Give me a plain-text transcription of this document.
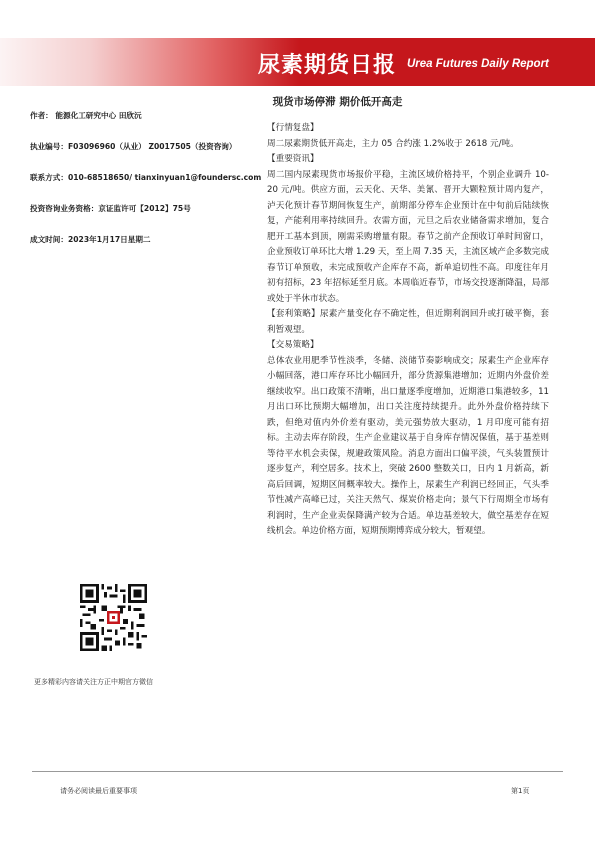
尿素期货日报 Urea Futures Daily Report
现货市场停滞 期价低开高走

作者： 能源化工研究中心 田欣沅

执业编号：F03096960（从业） Z0017505（投资咨询）

联系方式：010-68518650/ tianxinyuan1@foundersc.com

投资咨询业务资格：京证监许可【2012】75号

成文时间：2023年1月17日星期二

更多精彩内容请关注方正中期官方微信

【行情复盘】
周二尿素期货低开高走，主力 05 合约涨 1.2%收于 2618 元/吨。

【重要资讯】
周二国内尿素现货市场报价平稳，主流区域价格持平，个别企业调升 10-20 元/吨。供应方面，云天化、天华、美氰、晋开大颗粒预计周内复产，泸天化预计春节期间恢复生产，前期部分停车企业预计在中旬前后陆续恢复，产能利用率持续回升。农需方面，元旦之后农业储备需求增加，复合肥开工基本到顶，刚需采购增量有限。春节之前产企预收订单时间窗口，企业预收订单环比大增 1.29 天，至上周 7.35 天，主流区域产企多数完成春节订单预收，未完成预收产企库存不高，新单追切性不高。印度往年月初有招标，23 年招标延至月底。本周临近春节，市场交投逐渐降温，局部或处于半休市状态。

【套利策略】尿素产量变化存不确定性，但近期利润回升或打破平衡，套利暂观望。

【交易策略】
总体农业用肥季节性淡季，冬储、淡储节奏影响成交；尿素生产企业库存小幅回落，港口库存环比小幅回升，部分货源集港增加；近期内外盘价差继续收窄。出口政策不清晰，出口量逐季度增加，近期港口集港较多，11 月出口环比预期大幅增加，出口关注度持续提升。此外外盘价格持续下跌，但绝对值内外价差有驱动，美元强势放大驱动，1 月印度可能有招标。主动去库存阶段，生产企业建议基于自身库存情况保值，基于基差则等待平水机会卖保，规避政策风险。消息方面出口偏平淡，气头装置预计逐步复产，利空居多。技术上，突破 2600 整数关口，日内 1 月新高，新高后回调，短期区间概率较大。操作上，尿素生产利润已经回正，气头季节性减产高峰已过，关注天然气、煤炭价格走向；景气下行周期全市场有利润时，生产企业卖保降满产较为合适。单边基差较大，做空基差存在短线机会。单边价格方面，短期预期博弈成分较大，暂观望。

请务必阅读最后重要事项	第1页
